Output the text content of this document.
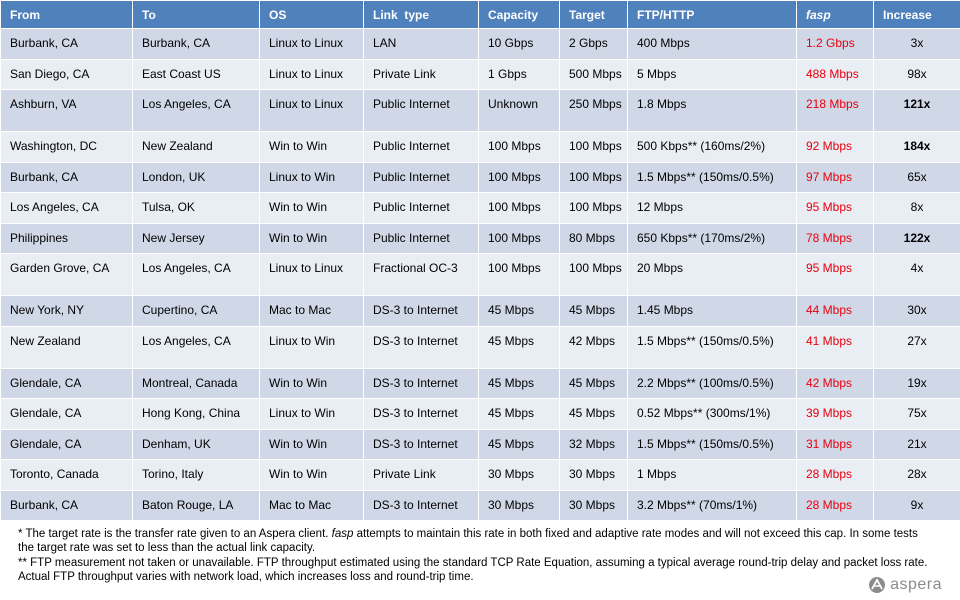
From	To	OS	Link  type	Capacity	Target	FTP/HTTP	fasp	Increase
Burbank, CA	Burbank, CA	Linux to Linux	LAN	10 Gbps	2 Gbps	400 Mbps	1.2 Gbps	3x
San Diego, CA	East Coast US	Linux to Linux	Private Link	1 Gbps	500 Mbps	5 Mbps	488 Mbps	98x
Ashburn, VA	Los Angeles, CA	Linux to Linux	Public Internet	Unknown	250 Mbps	1.8 Mbps	218 Mbps	121x
Washington, DC	New Zealand	Win to Win	Public Internet	100 Mbps	100 Mbps	500 Kbps** (160ms/2%)	92 Mbps	184x
Burbank, CA	London, UK	Linux to Win	Public Internet	100 Mbps	100 Mbps	1.5 Mbps** (150ms/0.5%)	97 Mbps	65x
Los Angeles, CA	Tulsa, OK	Win to Win	Public Internet	100 Mbps	100 Mbps	12 Mbps	95 Mbps	8x
Philippines	New Jersey	Win to Win	Public Internet	100 Mbps	80 Mbps	650 Kbps** (170ms/2%)	78 Mbps	122x
Garden Grove, CA	Los Angeles, CA	Linux to Linux	Fractional OC-3	100 Mbps	100 Mbps	20 Mbps	95 Mbps	4x
New York, NY	Cupertino, CA	Mac to Mac	DS-3 to Internet	45 Mbps	45 Mbps	1.45 Mbps	44 Mbps	30x
New Zealand	Los Angeles, CA	Linux to Win	DS-3 to Internet	45 Mbps	42 Mbps	1.5 Mbps** (150ms/0.5%)	41 Mbps	27x
Glendale, CA	Montreal, Canada	Win to Win	DS-3 to Internet	45 Mbps	45 Mbps	2.2 Mbps** (100ms/0.5%)	42 Mbps	19x
Glendale, CA	Hong Kong, China	Linux to Win	DS-3 to Internet	45 Mbps	45 Mbps	0.52 Mbps** (300ms/1%)	39 Mbps	75x
Glendale, CA	Denham, UK	Win to Win	DS-3 to Internet	45 Mbps	32 Mbps	1.5 Mbps** (150ms/0.5%)	31 Mbps	21x
Toronto, Canada	Torino, Italy	Win to Win	Private Link	30 Mbps	30 Mbps	1 Mbps	28 Mbps	28x
Burbank, CA	Baton Rouge, LA	Mac to Mac	DS-3 to Internet	30 Mbps	30 Mbps	3.2 Mbps** (70ms/1%)	28 Mbps	9x

* The target rate is the transfer rate given to an Aspera client. fasp attempts to maintain this rate in both fixed and adaptive rate modes and will not exceed this cap. In some tests the target rate was set to less than the actual link capacity.

** FTP measurement not taken or unavailable. FTP throughput estimated using the standard TCP Rate Equation, assuming a typical average round-trip delay and packet loss rate. Actual FTP throughput varies with network load, which increases loss and round-trip time.	aspera
